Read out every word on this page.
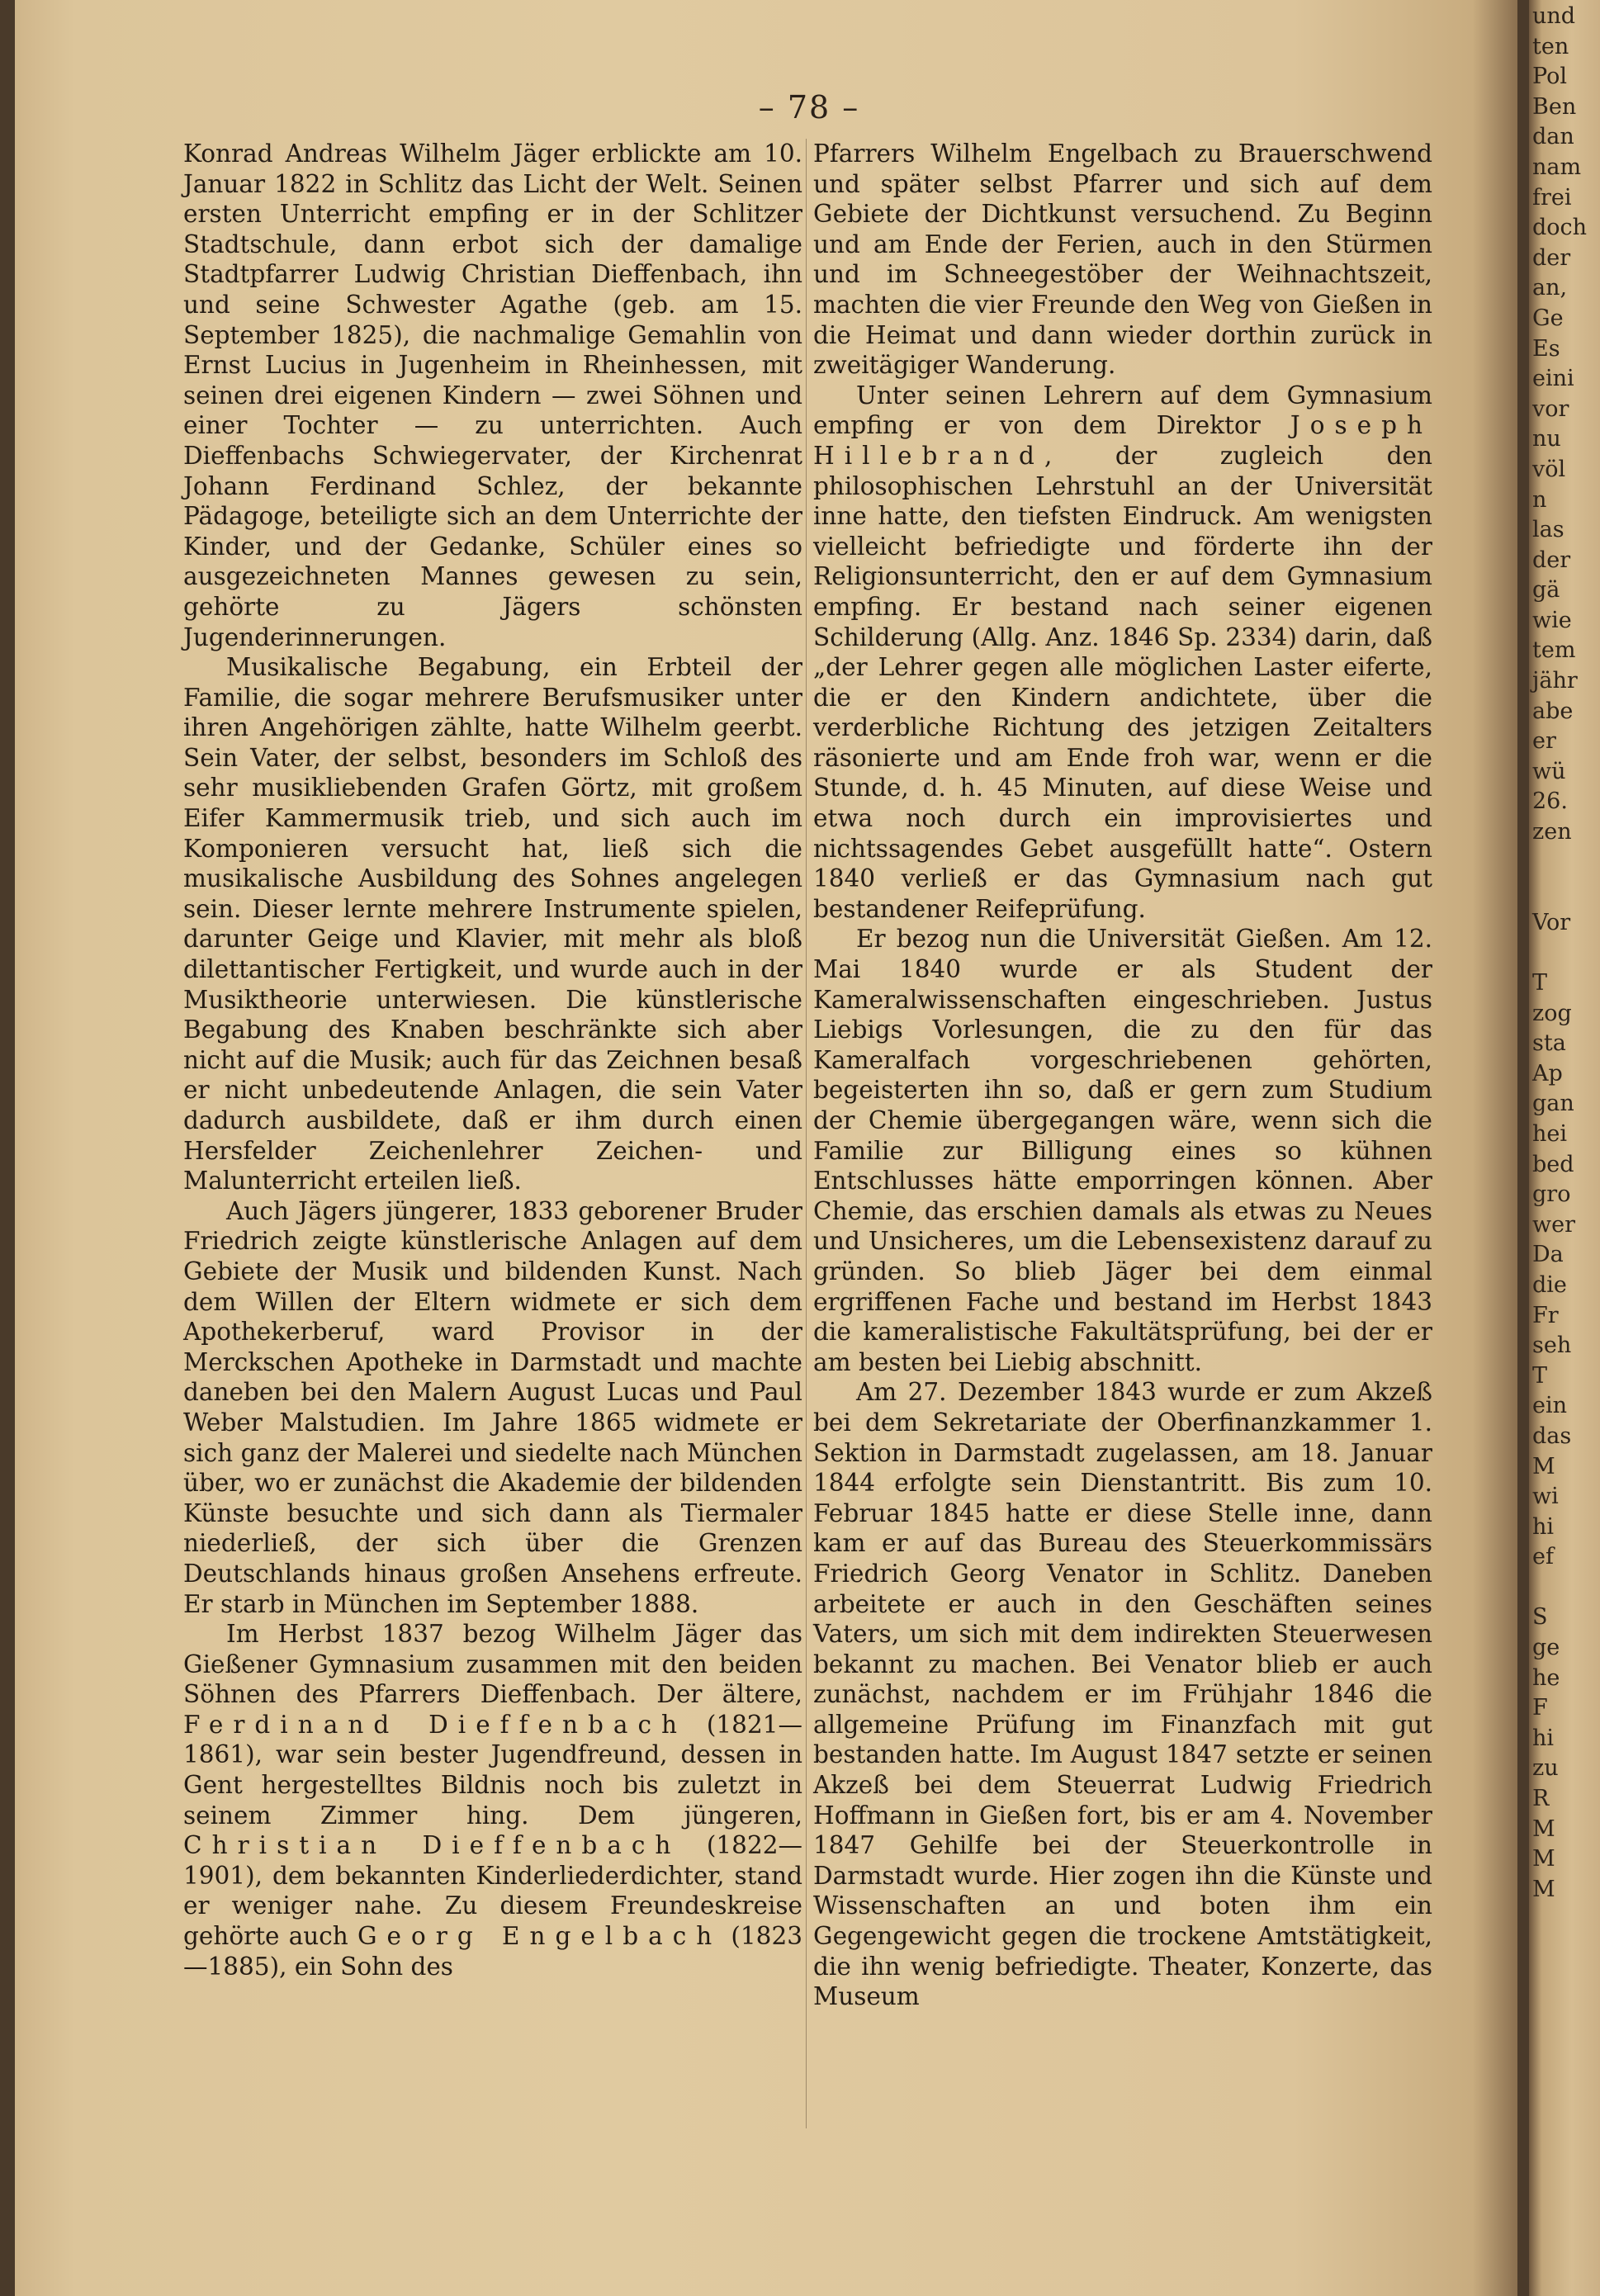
– 78 –

Konrad Andreas Wilhelm Jäger erblickte am 10. Januar 1822 in Schlitz das Licht der Welt. Seinen ersten Unterricht empfing er in der Schlitzer Stadtschule, dann erbot sich der damalige Stadtpfarrer Ludwig Christian Dieffenbach, ihn und seine Schwester Agathe (geb. am 15. September 1825), die nachmalige Gemahlin von Ernst Lucius in Jugenheim in Rheinhessen, mit seinen drei eigenen Kindern — zwei Söhnen und einer Tochter — zu unterrichten. Auch Dieffenbachs Schwiegervater, der Kirchenrat Johann Ferdinand Schlez, der bekannte Pädagoge, beteiligte sich an dem Unterrichte der Kinder, und der Gedanke, Schüler eines so ausgezeichneten Mannes gewesen zu sein, gehörte zu Jägers schönsten Jugenderinnerungen.

Musikalische Begabung, ein Erbteil der Familie, die sogar mehrere Berufsmusiker unter ihren Angehörigen zählte, hatte Wilhelm geerbt. Sein Vater, der selbst, besonders im Schloß des sehr musikliebenden Grafen Görtz, mit großem Eifer Kammermusik trieb, und sich auch im Komponieren versucht hat, ließ sich die musikalische Ausbildung des Sohnes angelegen sein. Dieser lernte mehrere Instrumente spielen, darunter Geige und Klavier, mit mehr als bloß dilettantischer Fertigkeit, und wurde auch in der Musiktheorie unterwiesen. Die künstlerische Begabung des Knaben beschränkte sich aber nicht auf die Musik; auch für das Zeichnen besaß er nicht unbedeutende Anlagen, die sein Vater dadurch ausbildete, daß er ihm durch einen Hersfelder Zeichenlehrer Zeichen- und Malunterricht erteilen ließ.

Auch Jägers jüngerer, 1833 geborener Bruder Friedrich zeigte künstlerische Anlagen auf dem Gebiete der Musik und bildenden Kunst. Nach dem Willen der Eltern widmete er sich dem Apothekerberuf, ward Provisor in der Merckschen Apotheke in Darmstadt und machte daneben bei den Malern August Lucas und Paul Weber Malstudien. Im Jahre 1865 widmete er sich ganz der Malerei und siedelte nach München über, wo er zunächst die Akademie der bildenden Künste besuchte und sich dann als Tiermaler niederließ, der sich über die Grenzen Deutschlands hinaus großen Ansehens erfreute. Er starb in München im September 1888.

Im Herbst 1837 bezog Wilhelm Jäger das Gießener Gymnasium zusammen mit den beiden Söhnen des Pfarrers Dieffenbach. Der ältere, Ferdinand Dieffenbach (1821—1861), war sein bester Jugendfreund, dessen in Gent hergestelltes Bildnis noch bis zuletzt in seinem Zimmer hing. Dem jüngeren, Christian Dieffenbach (1822—1901), dem bekannten Kinderliederdichter, stand er weniger nahe. Zu diesem Freundeskreise gehörte auch Georg Engelbach (1823—1885), ein Sohn des

Pfarrers Wilhelm Engelbach zu Brauerschwend und später selbst Pfarrer und sich auf dem Gebiete der Dichtkunst versuchend. Zu Beginn und am Ende der Ferien, auch in den Stürmen und im Schneegestöber der Weihnachtszeit, machten die vier Freunde den Weg von Gießen in die Heimat und dann wieder dorthin zurück in zweitägiger Wanderung.

Unter seinen Lehrern auf dem Gymnasium empfing er von dem Direktor Joseph Hillebrand, der zugleich den philosophischen Lehrstuhl an der Universität inne hatte, den tiefsten Eindruck. Am wenigsten vielleicht befriedigte und förderte ihn der Religionsunterricht, den er auf dem Gymnasium empfing. Er bestand nach seiner eigenen Schilderung (Allg. Anz. 1846 Sp. 2334) darin, daß „der Lehrer gegen alle möglichen Laster eiferte, die er den Kindern andichtete, über die verderbliche Richtung des jetzigen Zeitalters räsonierte und am Ende froh war, wenn er die Stunde, d. h. 45 Minuten, auf diese Weise und etwa noch durch ein improvisiertes und nichtssagendes Gebet ausgefüllt hatte“. Ostern 1840 verließ er das Gymnasium nach gut bestandener Reifeprüfung.

Er bezog nun die Universität Gießen. Am 12. Mai 1840 wurde er als Student der Kameralwissenschaften eingeschrieben. Justus Liebigs Vorlesungen, die zu den für das Kameralfach vorgeschriebenen gehörten, begeisterten ihn so, daß er gern zum Studium der Chemie übergegangen wäre, wenn sich die Familie zur Billigung eines so kühnen Entschlusses hätte emporringen können. Aber Chemie, das erschien damals als etwas zu Neues und Unsicheres, um die Lebensexistenz darauf zu gründen. So blieb Jäger bei dem einmal ergriffenen Fache und bestand im Herbst 1843 die kameralistische Fakultätsprüfung, bei der er am besten bei Liebig abschnitt.

Am 27. Dezember 1843 wurde er zum Akzeß bei dem Sekretariate der Oberfinanzkammer 1. Sektion in Darmstadt zugelassen, am 18. Januar 1844 erfolgte sein Dienstantritt. Bis zum 10. Februar 1845 hatte er diese Stelle inne, dann kam er auf das Bureau des Steuerkommissärs Friedrich Georg Venator in Schlitz. Daneben arbeitete er auch in den Geschäften seines Vaters, um sich mit dem indirekten Steuerwesen bekannt zu machen. Bei Venator blieb er auch zunächst, nachdem er im Frühjahr 1846 die allgemeine Prüfung im Finanzfach mit gut bestanden hatte. Im August 1847 setzte er seinen Akzeß bei dem Steuerrat Ludwig Friedrich Hoffmann in Gießen fort, bis er am 4. November 1847 Gehilfe bei der Steuerkontrolle in Darmstadt wurde. Hier zogen ihn die Künste und Wissenschaften an und boten ihm ein Gegengewicht gegen die trockene Amtstätigkeit, die ihn wenig befriedigte. Theater, Konzerte, das Museum

und
ten
Pol
Ben
dan
nam
frei
doch
der
an,
Ge
Es
eini
vor
nu
völ
n
las
der
gä
wie
tem
jähr
abe
er
wü
26.
zen
Vor
T
zog
sta
Ap
gan
hei
bed
gro
wer
Da
die
Fr
seh
T
ein
das
M
wi
hi
ef
S
ge
he
F
hi
zu
R
M
M
M
